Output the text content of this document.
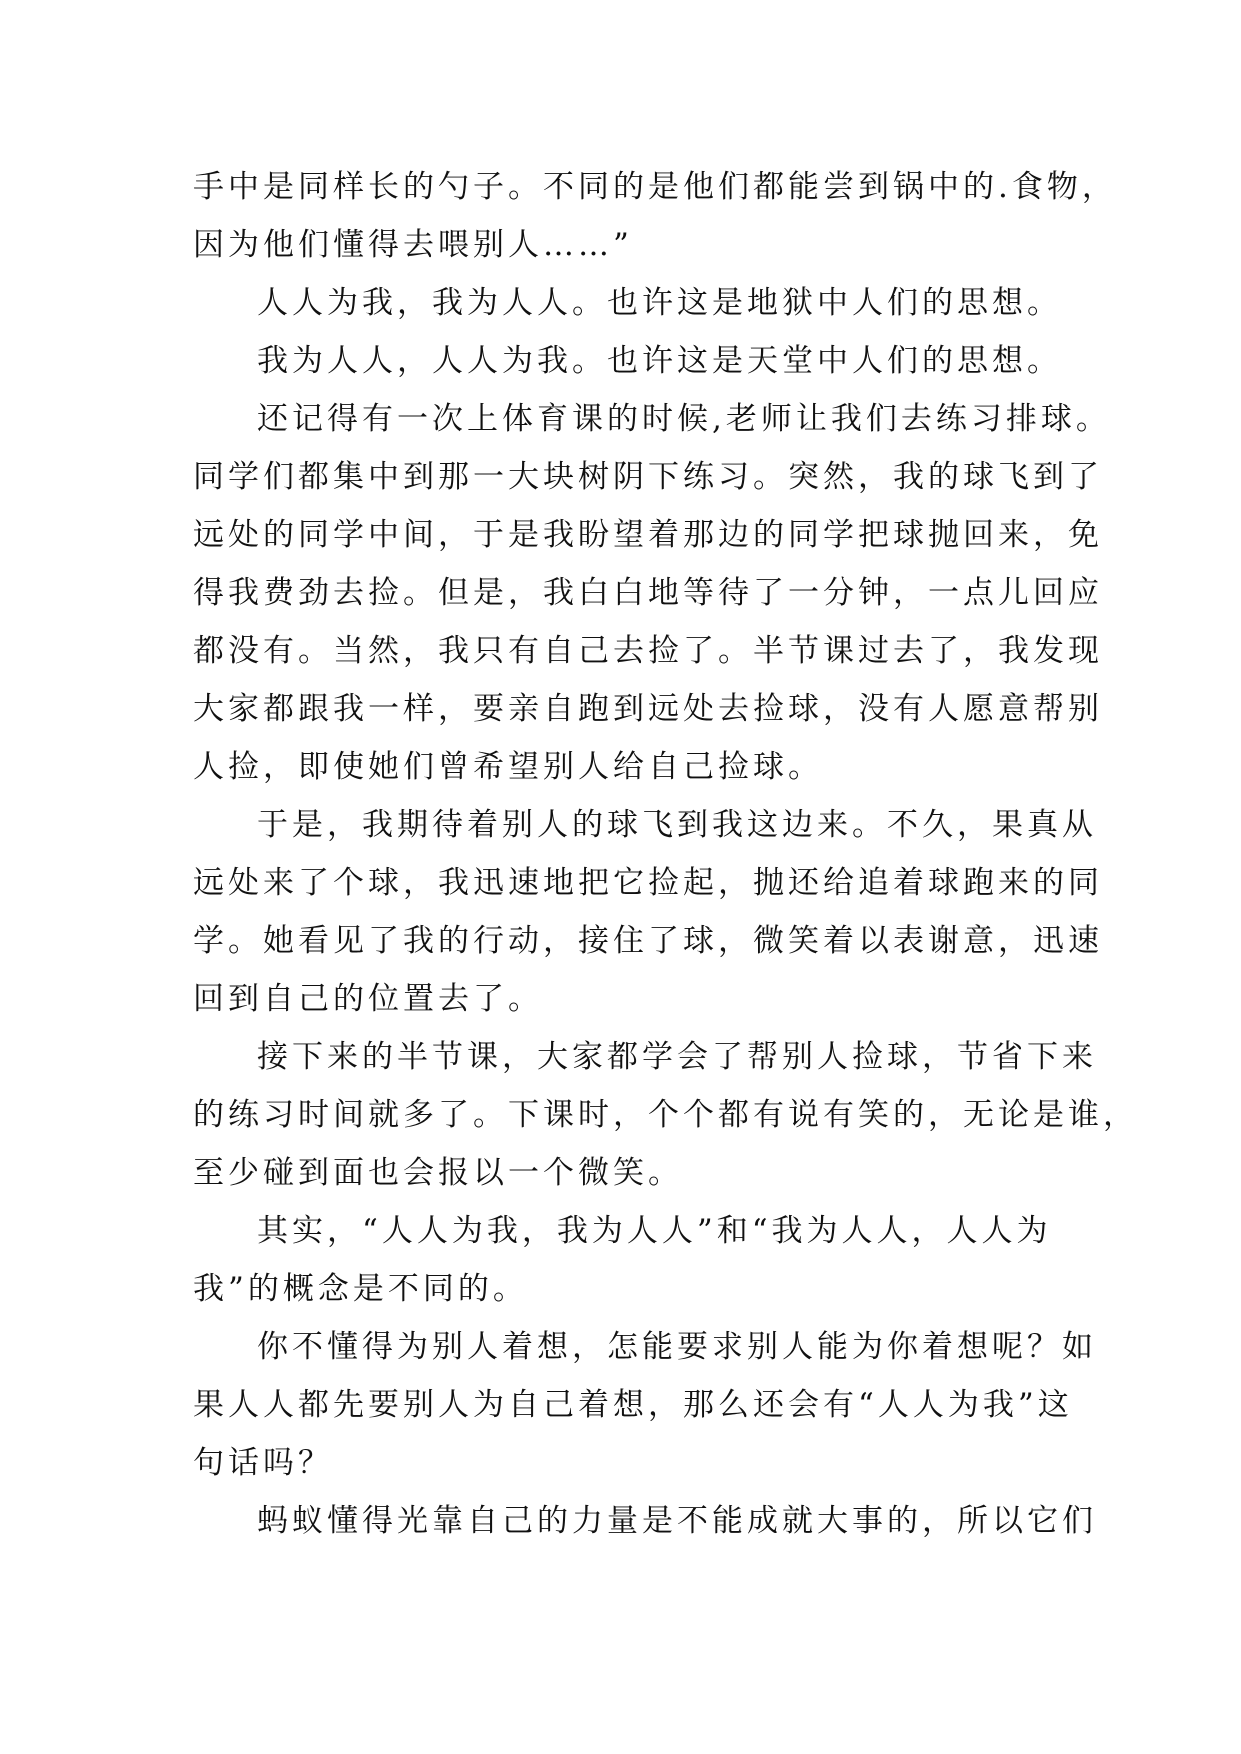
手中是同样长的勺子。不同的是他们都能尝到锅中的.食物，
因为他们懂得去喂别人……”
人人为我，我为人人。也许这是地狱中人们的思想。
我为人人，人人为我。也许这是天堂中人们的思想。
还记得有一次上体育课的时候,老师让我们去练习排球。
同学们都集中到那一大块树阴下练习。突然，我的球飞到了
远处的同学中间，于是我盼望着那边的同学把球抛回来，免
得我费劲去捡。但是，我白白地等待了一分钟，一点儿回应
都没有。当然，我只有自己去捡了。半节课过去了，我发现
大家都跟我一样，要亲自跑到远处去捡球，没有人愿意帮别
人捡，即使她们曾希望别人给自己捡球。
于是，我期待着别人的球飞到我这边来。不久，果真从
远处来了个球，我迅速地把它捡起，抛还给追着球跑来的同
学。她看见了我的行动，接住了球，微笑着以表谢意，迅速
回到自己的位置去了。
接下来的半节课，大家都学会了帮别人捡球，节省下来
的练习时间就多了。下课时，个个都有说有笑的，无论是谁，
至少碰到面也会报以一个微笑。
其实，“人人为我，我为人人”和“我为人人，人人为
我”的概念是不同的。
你不懂得为别人着想，怎能要求别人能为你着想呢？如
果人人都先要别人为自己着想，那么还会有“人人为我”这
句话吗？
蚂蚁懂得光靠自己的力量是不能成就大事的，所以它们
